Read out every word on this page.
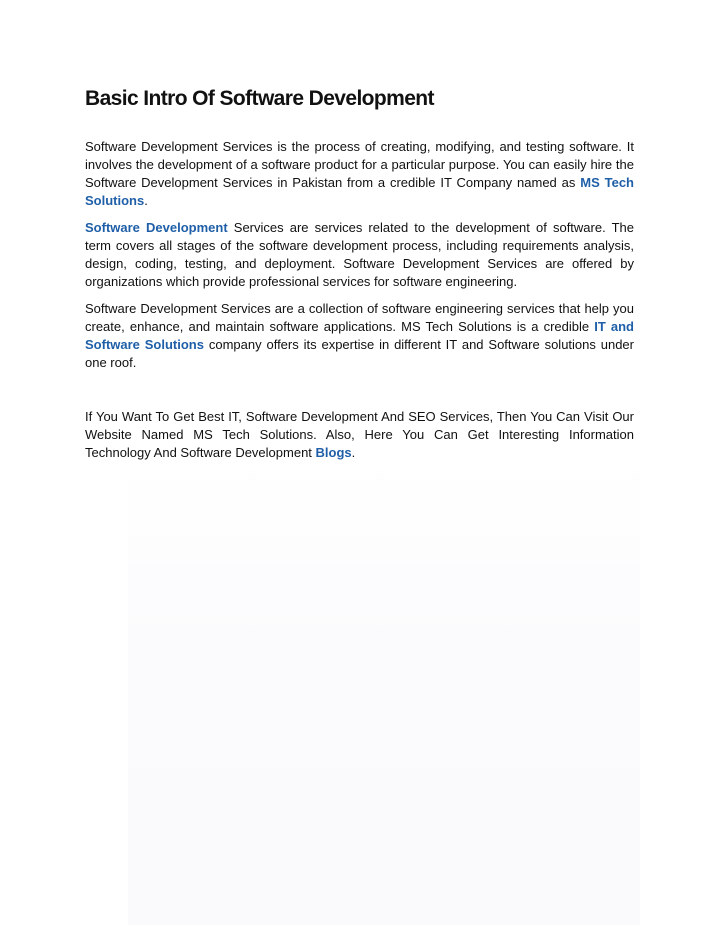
Basic Intro Of Software Development

Software Development Services is the process of creating, modifying, and testing software. It involves the development of a software product for a particular purpose. You can easily hire the Software Development Services in Pakistan from a credible IT Company named as MS Tech Solutions.

Software Development Services are services related to the development of software. The term covers all stages of the software development process, including requirements analysis, design, coding, testing, and deployment. Software Development Services are offered by organizations which provide professional services for software engineering.

Software Development Services are a collection of software engineering services that help you create, enhance, and maintain software applications. MS Tech Solutions is a credible IT and Software Solutions company offers its expertise in different IT and Software solutions under one roof.

If You Want To Get Best IT, Software Development And SEO Services, Then You Can Visit Our Website Named MS Tech Solutions. Also, Here You Can Get Interesting Information Technology And Software Development Blogs.
